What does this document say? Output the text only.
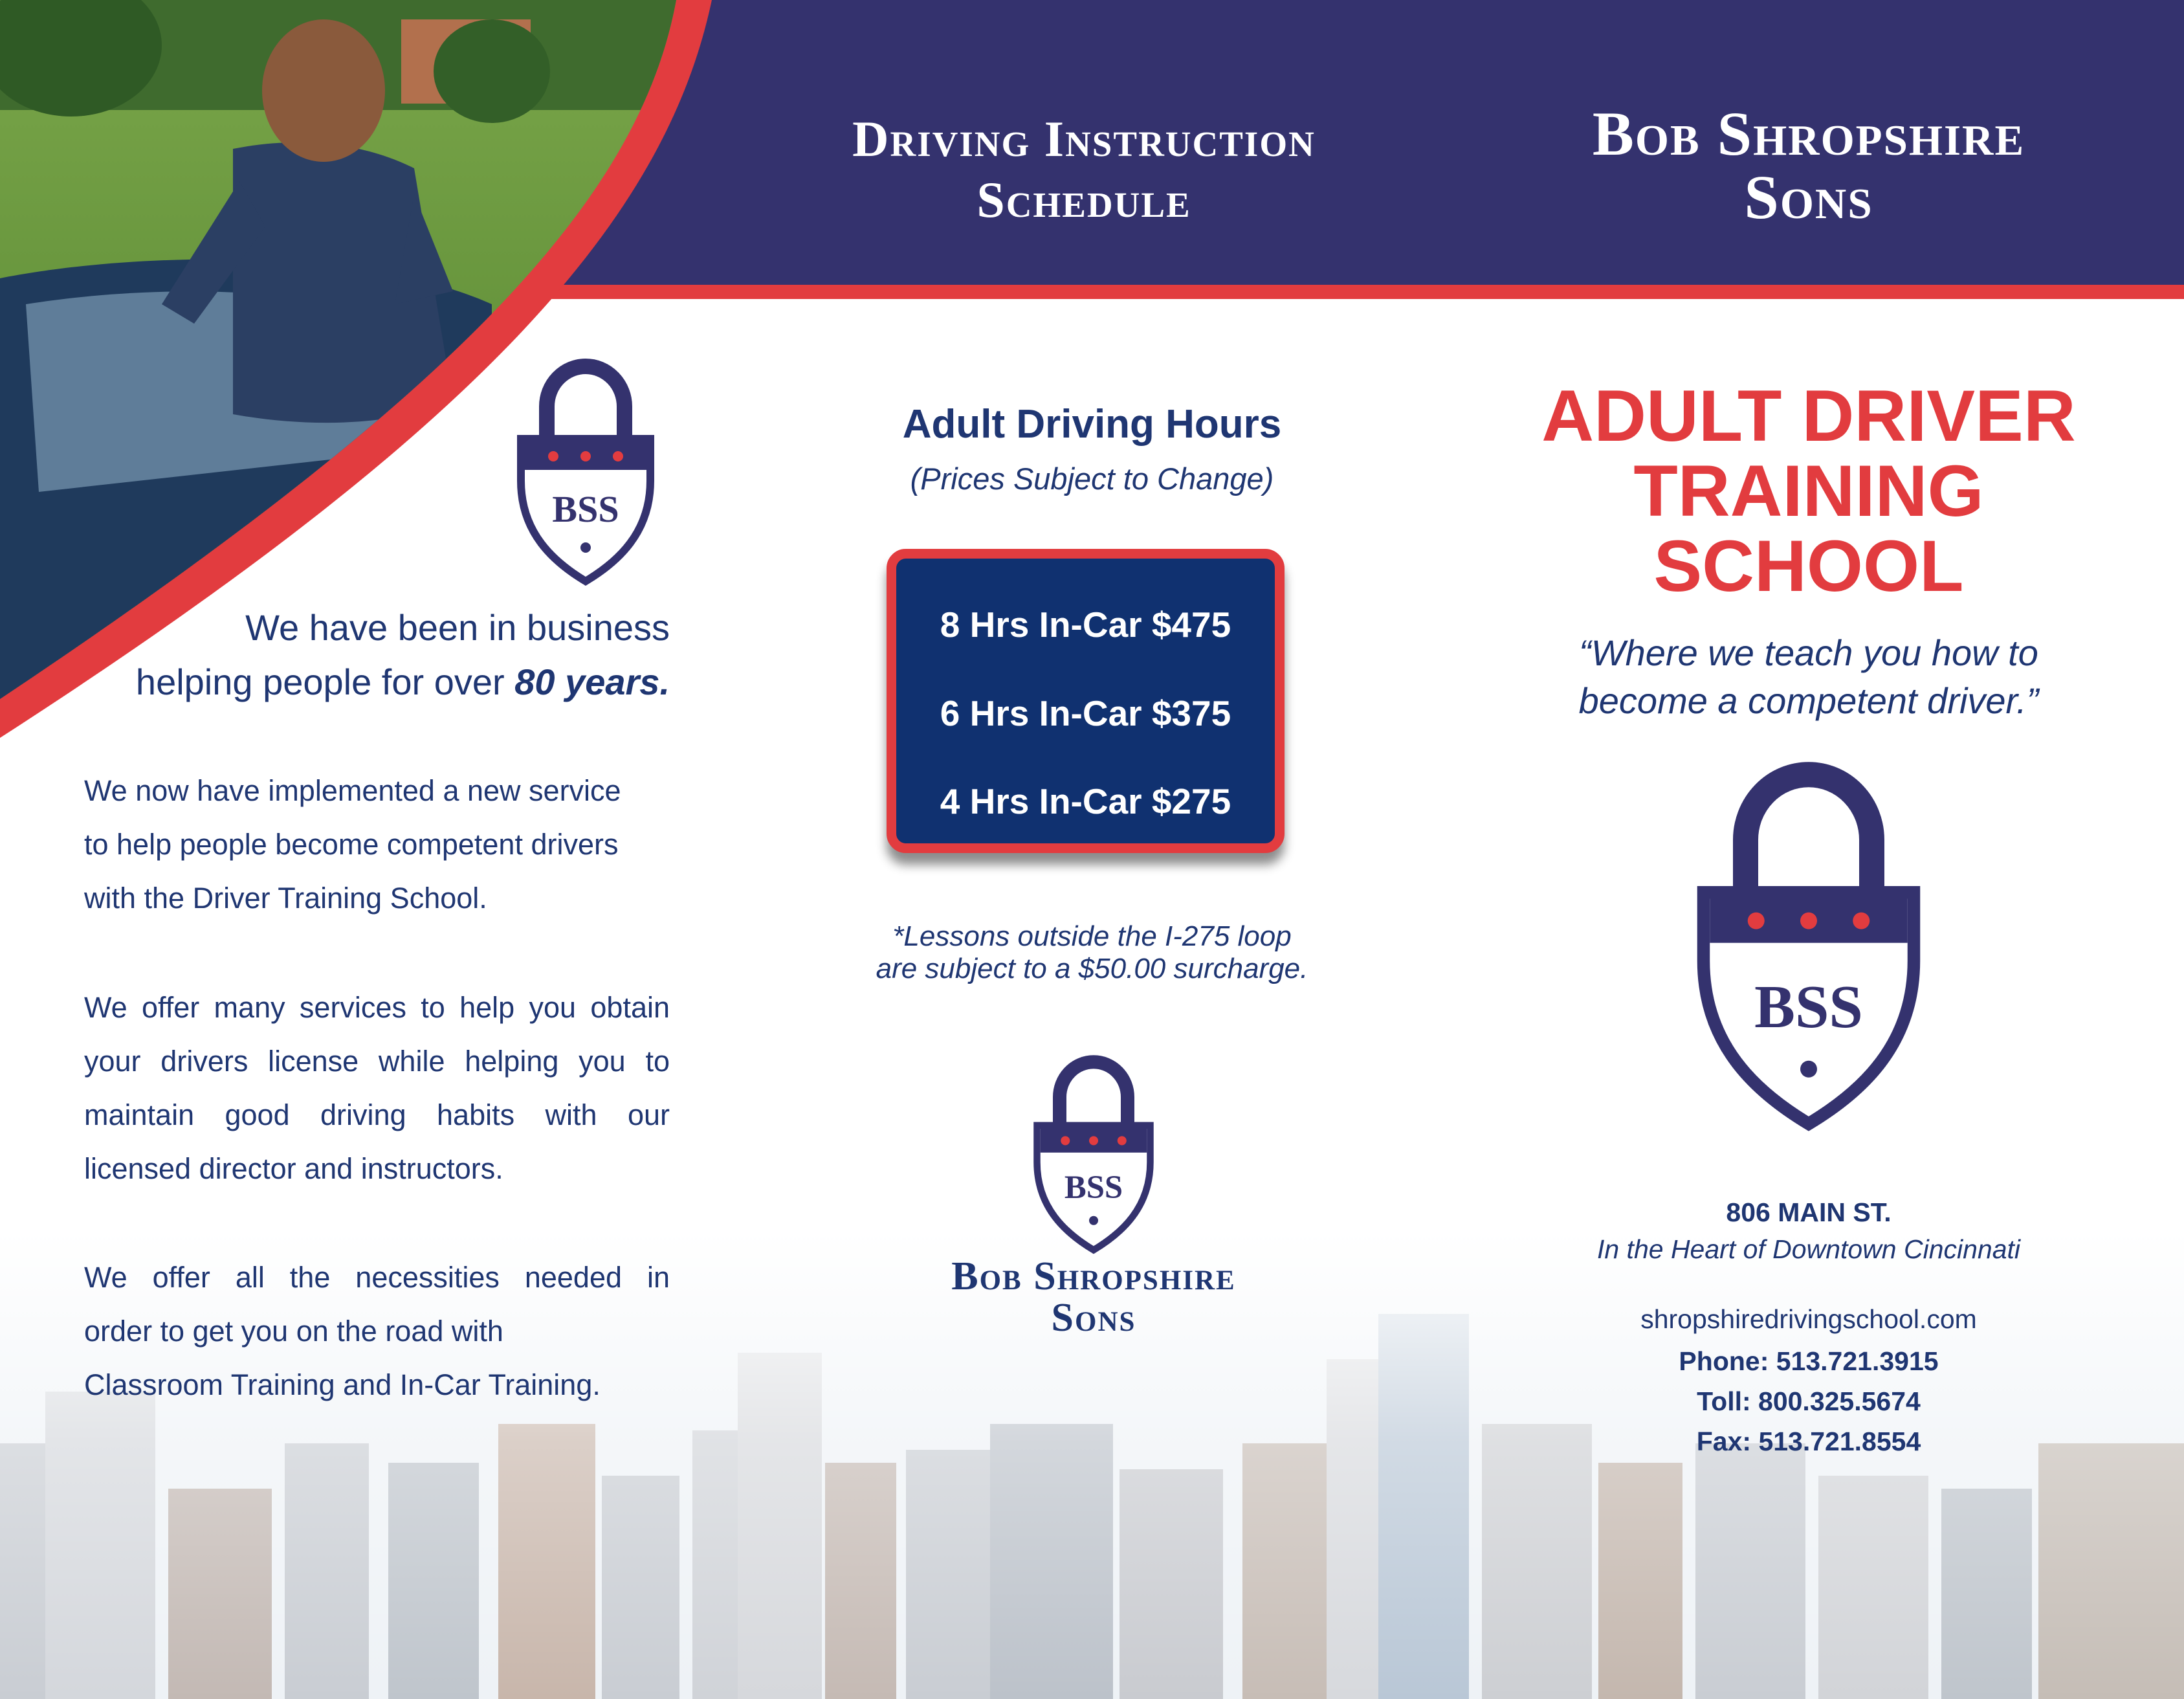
Driving Instruction
Schedule
Bob Shropshire
Sons
BSS
We have been in business
helping people for over 80 years.
We now have implemented a new service
to help people become competent drivers
with the Driver Training School.
We offer many services to help you obtain your drivers license while helping you to maintain good driving habits with our licensed director and instructors.
We offer all the necessities needed in
order to get you on the road with
Classroom Training and In-Car Training.
Adult Driving Hours
(Prices Subject to Change)
8 Hrs In-Car $475
6 Hrs In-Car $375
4 Hrs In-Car $275
*Lessons outside the I-275 loop
are subject to a $50.00 surcharge.
BSS
Bob Shropshire
Sons
ADULT DRIVER
TRAINING
SCHOOL
“Where we teach you how to
become a competent driver.”
BSS
806 MAIN ST.
In the Heart of Downtown Cincinnati
shropshiredrivingschool.com
Phone: 513.721.3915
Toll: 800.325.5674
Fax: 513.721.8554
